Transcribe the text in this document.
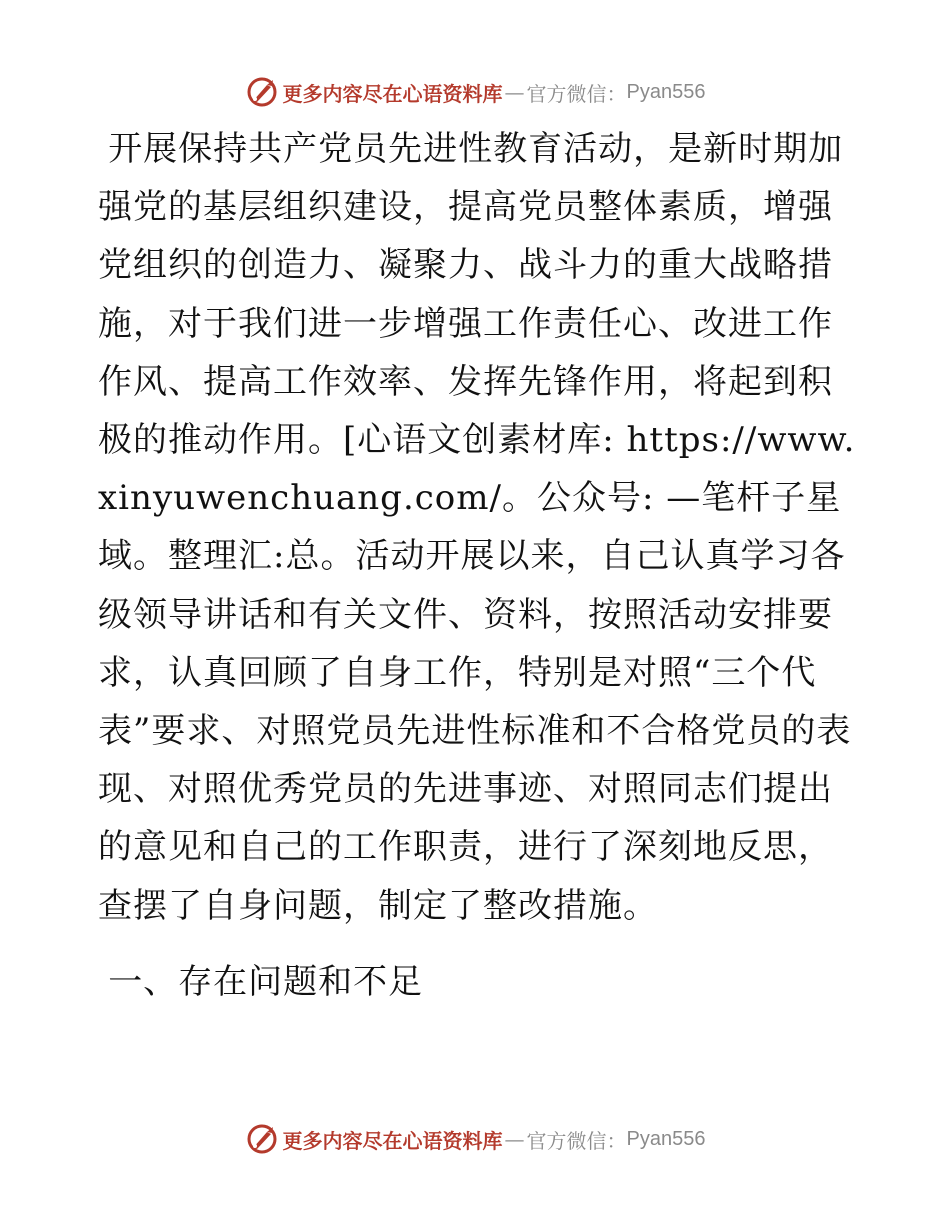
更多内容尽在心语资料库 — 官方微信： Pyan556

开展保持共产党员先进性教育活动，是新时期加强党的基层组织建设，提高党员整体素质，增强党组织的创造力、凝聚力、战斗力的重大战略措施，对于我们进一步增强工作责任心、改进工作作风、提高工作效率、发挥先锋作用，将起到积极的推动作用。[心语文创素材库: https://www.xinyuwenchuang.com/。公众号: —笔杆子星域。整理汇:总。活动开展以来，自己认真学习各级领导讲话和有关文件、资料，按照活动安排要求，认真回顾了自身工作，特别是对照“三个代表”要求、对照党员先进性标准和不合格党员的表现、对照优秀党员的先进事迹、对照同志们提出的意见和自己的工作职责，进行了深刻地反思，查摆了自身问题，制定了整改措施。

一、存在问题和不足

更多内容尽在心语资料库 — 官方微信： Pyan556
